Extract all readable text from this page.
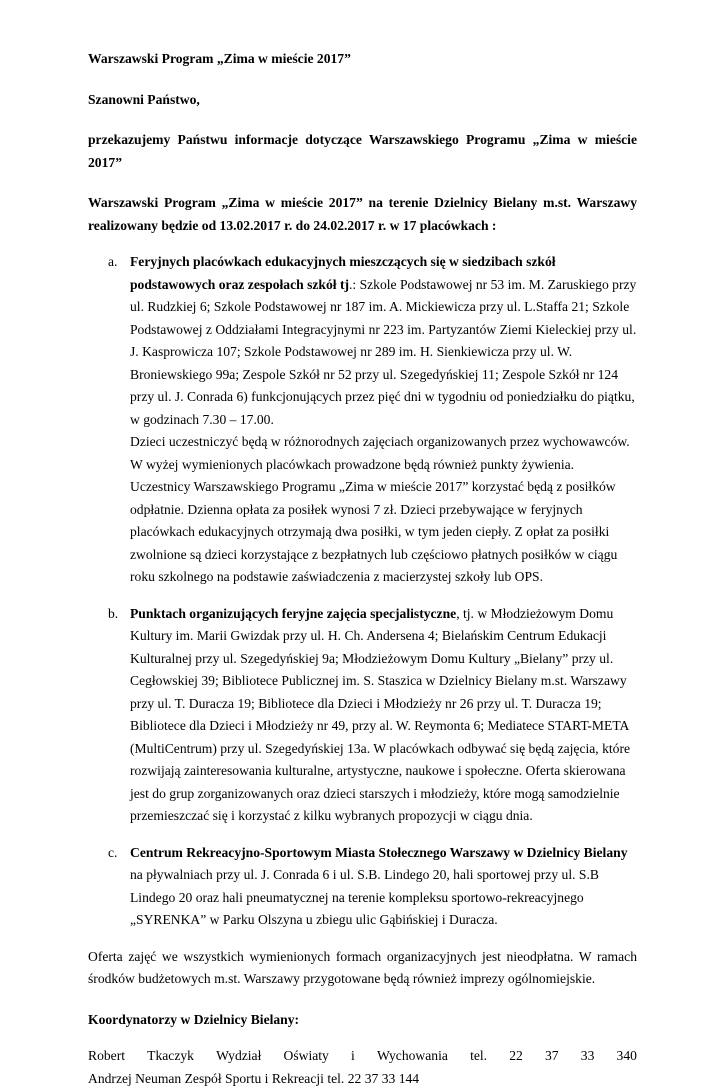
Warszawski Program „Zima w mieście 2017”

Szanowni Państwo,

przekazujemy Państwu informacje dotyczące Warszawskiego Programu „Zima w mieście 2017”

Warszawski Program „Zima w mieście 2017” na terenie Dzielnicy Bielany m.st. Warszawy realizowany będzie od 13.02.2017 r. do 24.02.2017 r. w 17 placówkach :

a. Feryjnych placówkach edukacyjnych mieszczących się w siedzibach szkół podstawowych oraz zespołach szkół tj.: Szkole Podstawowej nr 53 im. M. Zaruskiego przy ul. Rudzkiej 6; Szkole Podstawowej nr 187 im. A. Mickiewicza przy ul. L.Staffa 21; Szkole Podstawowej z Oddziałami Integracyjnymi nr 223 im. Partyzantów Ziemi Kieleckiej przy ul. J. Kasprowicza 107; Szkole Podstawowej nr 289 im. H. Sienkiewicza przy ul. W. Broniewskiego 99a; Zespole Szkół nr 52 przy ul. Szegedyńskiej 11; Zespole Szkół nr 124 przy ul. J. Conrada 6) funkcjonujących przez pięć dni w tygodniu od poniedziałku do piątku, w godzinach 7.30 – 17.00.
Dzieci uczestniczyć będą w różnorodnych zajęciach organizowanych przez wychowawców. W wyżej wymienionych placówkach prowadzone będą również punkty żywienia. Uczestnicy Warszawskiego Programu „Zima w mieście 2017” korzystać będą z posiłków odpłatnie. Dzienna opłata za posiłek wynosi 7 zł. Dzieci przebywające w feryjnych placówkach edukacyjnych otrzymają dwa posiłki, w tym jeden ciepły. Z opłat za posiłki zwolnione są dzieci korzystające z bezpłatnych lub częściowo płatnych posiłków w ciągu roku szkolnego na podstawie zaświadczenia z macierzystej szkoły lub OPS.
b. Punktach organizujących feryjne zajęcia specjalistyczne, tj. w Młodzieżowym Domu Kultury im. Marii Gwizdak przy ul. H. Ch. Andersena 4; Bielańskim Centrum Edukacji Kulturalnej przy ul. Szegedyńskiej 9a; Młodzieżowym Domu Kultury „Bielany” przy ul. Cegłowskiej 39; Bibliotece Publicznej im. S. Staszica w Dzielnicy Bielany m.st. Warszawy przy ul. T. Duracza 19; Bibliotece dla Dzieci i Młodzieży nr 26 przy ul. T. Duracza 19; Bibliotece dla Dzieci i Młodzieży nr 49, przy al. W. Reymonta 6; Mediatece START-META (MultiCentrum) przy ul. Szegedyńskiej 13a. W placówkach odbywać się będą zajęcia, które rozwijają zainteresowania kulturalne, artystyczne, naukowe i społeczne. Oferta skierowana jest do grup zorganizowanych oraz dzieci starszych i młodzieży, które mogą samodzielnie przemieszczać się i korzystać z kilku wybranych propozycji w ciągu dnia.
c. Centrum Rekreacyjno-Sportowym Miasta Stołecznego Warszawy w Dzielnicy Bielany na pływalniach przy ul. J. Conrada 6 i ul. S.B. Lindego 20, hali sportowej przy ul. S.B Lindego 20 oraz hali pneumatycznej na terenie kompleksu sportowo-rekreacyjnego „SYRENKA” w Parku Olszyna u zbiegu ulic Gąbińskiej i Duracza.

Oferta zajęć we wszystkich wymienionych formach organizacyjnych jest nieodpłatna. W ramach środków budżetowych m.st. Warszawy przygotowane będą również imprezy ogólnomiejskie.

Koordynatorzy w Dzielnicy Bielany:

Robert Tkaczyk Wydział Oświaty i Wychowania tel. 22 37 33 340

Andrzej Neuman Zespół Sportu i Rekreacji tel. 22 37 33 144
